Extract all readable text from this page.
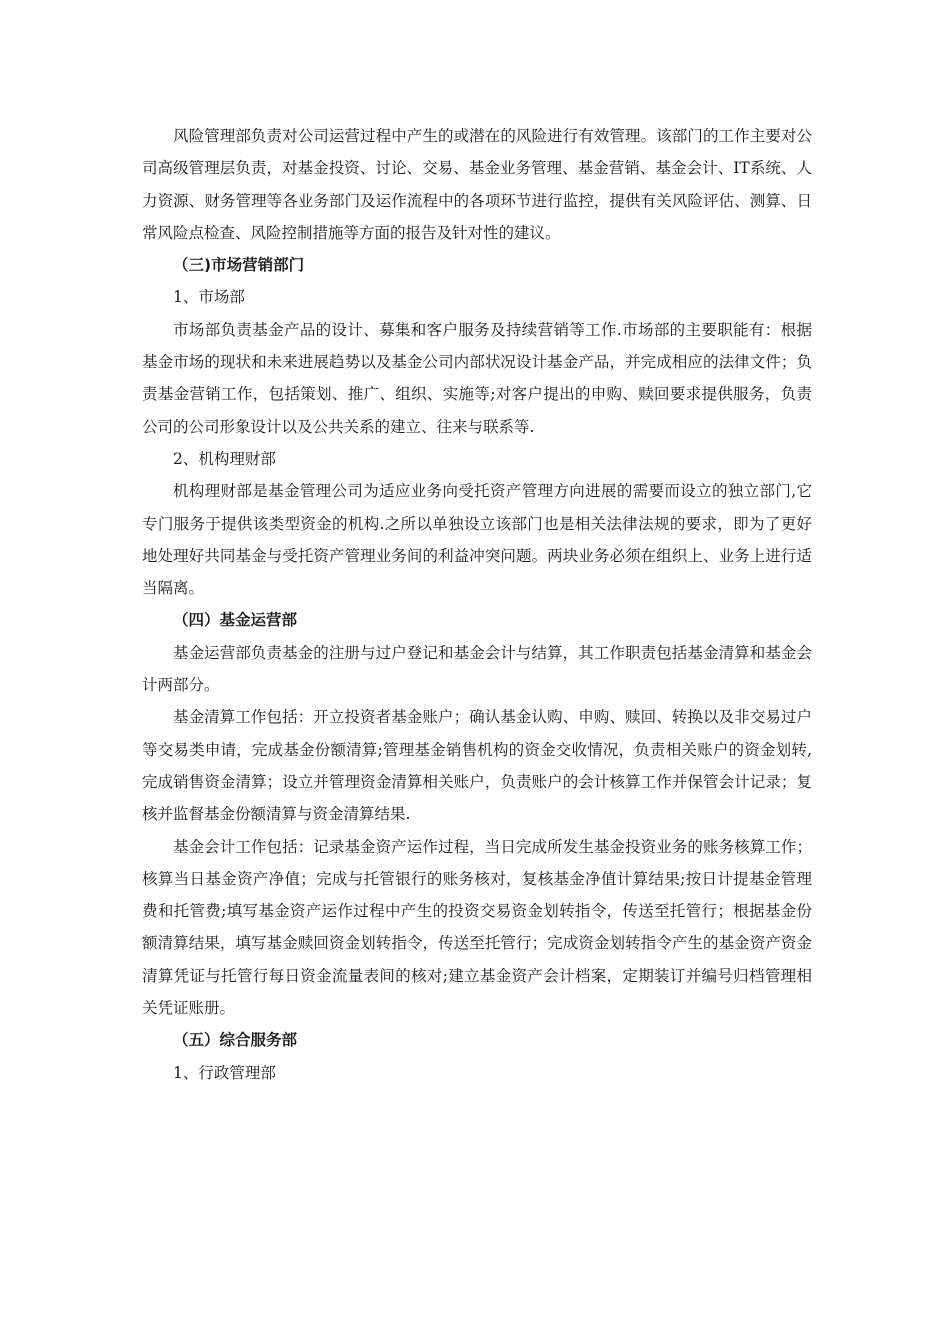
风险管理部负责对公司运营过程中产生的或潜在的风险进行有效管理。该部门的工作主要对公司高级管理层负责，对基金投资、讨论、交易、基金业务管理、基金营销、基金会计、IT系统、人力资源、财务管理等各业务部门及运作流程中的各项环节进行监控，提供有关风险评估、测算、日常风险点检查、风险控制措施等方面的报告及针对性的建议。

（三)市场营销部门

1、市场部

市场部负责基金产品的设计、募集和客户服务及持续营销等工作.市场部的主要职能有：根据基金市场的现状和未来进展趋势以及基金公司内部状况设计基金产品，并完成相应的法律文件；负责基金营销工作，包括策划、推广、组织、实施等;对客户提出的申购、赎回要求提供服务，负责公司的公司形象设计以及公共关系的建立、往来与联系等.

2、机构理财部

机构理财部是基金管理公司为适应业务向受托资产管理方向进展的需要而设立的独立部门,它专门服务于提供该类型资金的机构.之所以单独设立该部门也是相关法律法规的要求，即为了更好地处理好共同基金与受托资产管理业务间的利益冲突问题。两块业务必须在组织上、业务上进行适当隔离。

（四）基金运营部

基金运营部负责基金的注册与过户登记和基金会计与结算，其工作职责包括基金清算和基金会计两部分。

基金清算工作包括：开立投资者基金账户；确认基金认购、申购、赎回、转换以及非交易过户等交易类申请，完成基金份额清算;管理基金销售机构的资金交收情况，负责相关账户的资金划转,完成销售资金清算；设立并管理资金清算相关账户，负责账户的会计核算工作并保管会计记录；复核并监督基金份额清算与资金清算结果.

基金会计工作包括：记录基金资产运作过程，当日完成所发生基金投资业务的账务核算工作；核算当日基金资产净值；完成与托管银行的账务核对，复核基金净值计算结果;按日计提基金管理费和托管费;填写基金资产运作过程中产生的投资交易资金划转指令，传送至托管行；根据基金份额清算结果，填写基金赎回资金划转指令，传送至托管行；完成资金划转指令产生的基金资产资金清算凭证与托管行每日资金流量表间的核对;建立基金资产会计档案，定期装订并编号归档管理相关凭证账册。

（五）综合服务部

1、行政管理部
